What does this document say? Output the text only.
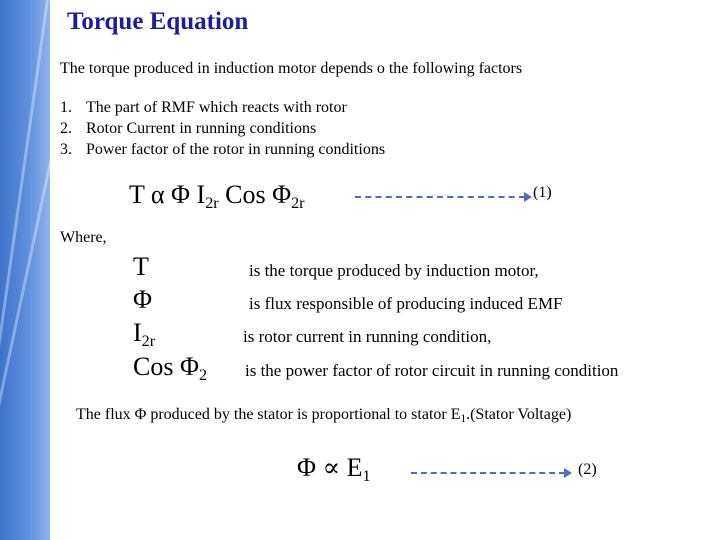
Torque Equation
The torque produced in induction motor depends o the following factors
1. The part of RMF which reacts with rotor
2. Rotor Current in running conditions
3. Power factor of the rotor in running conditions
T α Φ $I_{2r}$ Cos $\Phi_{2r}$
(1)
Where,
T	is the torque produced by induction motor,
Φ	is flux responsible of producing induced EMF
$I_{2r}$	is rotor current in running condition,
Cos $\Phi_2$ is the power factor of rotor circuit in running condition
The flux Φ produced by the stator is proportional to stator $E_1.(Stator$ Voltage)
$\Phi \propto E_1$	(2)
